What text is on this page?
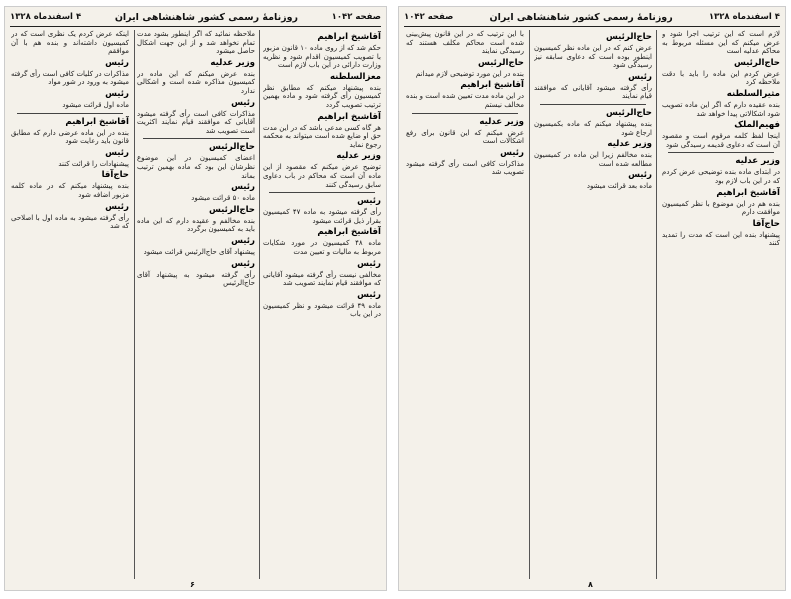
صفحه ۱۰۴۲
روزنامهٔ رسمی کشور شاهنشاهی ایران
۴ اسفندماه ۱۳۲۸
آقاشیخ ابراهیم
حکم شد که از روی ماده ۱۰ قانون مزبور با تصویب کمیسیون اقدام شود و نظریه وزارت دارائی در این باب لازم است
معزالسلطنه
بنده پیشنهاد میکنم که مطابق نظر کمیسیون رأی گرفته شود و ماده بهمین ترتیب تصویب گردد
آقاشیخ ابراهیم
هر گاه کسی مدعی باشد که در این مدت حق او ضایع شده است میتواند به محکمه رجوع نماید
وزیر عدلیه
توضیح عرض میکنم که مقصود از این ماده آن است که محاکم در باب دعاوی سابق رسیدگی کنند
رئیس
رأی گرفته میشود به ماده ۴۷ کمیسیون بقرار ذیل قرائت میشود
آقاشیخ ابراهیم
ماده ۴۸ کمیسیون در مورد شکایات مربوط به مالیات و تعیین مدت
رئیس
مخالفی نیست رأی گرفته میشود آقایانی که موافقند قیام نمایند تصویب شد
رئیس
ماده ۴۹ قرائت میشود و نظر کمیسیون در این باب
ملاحظه نمائید که اگر اینطور بشود مدت تمام نخواهد شد و از این جهت اشکال حاصل میشود
وزیر عدلیه
بنده عرض میکنم که این ماده در کمیسیون مذاکره شده است و اشکالی ندارد
رئیس
مذاکرات کافی است رأی گرفته میشود آقایانی که موافقند قیام نمایند اکثریت است تصویب شد
حاج‌الرئیس
اعضای کمیسیون در این موضوع نظرشان این بود که ماده بهمین ترتیب بماند
رئیس
ماده ۵۰ قرائت میشود
حاج‌الرئیس
بنده مخالفم و عقیده دارم که این ماده باید به کمیسیون برگردد
رئیس
پیشنهاد آقای حاج‌الرئیس قرائت میشود
رئیس
رأی گرفته میشود به پیشنهاد آقای حاج‌الرئیس
اینکه عرض کردم یک نظری است که در کمیسیون داشته‌اند و بنده هم با آن موافقم
رئیس
مذاکرات در کلیات کافی است رأی گرفته میشود به ورود در شور مواد
رئیس
ماده اول قرائت میشود
آقاشیخ ابراهیم
بنده در این ماده عرضی دارم که مطابق قانون باید رعایت شود
رئیس
پیشنهادات را قرائت کنند
حاج‌آقا
بنده پیشنهاد میکنم که در ماده کلمه مزبور اضافه شود
رئیس
رأی گرفته میشود به ماده اول با اصلاحی که شد
۶
۴ اسفندماه ۱۳۲۸
روزنامهٔ رسمی کشور شاهنشاهی ایران
صفحه ۱۰۴۲
لازم است که این ترتیب اجرا شود و عرض میکنم که این مسئله مربوط به محاکم عدلیه است
حاج‌الرئیس
عرض کردم این ماده را باید با دقت ملاحظه کرد
مثیرالسلطنه
بنده عقیده دارم که اگر این ماده تصویب شود اشکالاتی پیدا خواهد شد
فهیم‌الملک
اینجا لفظ کلمه مرقوم است و مقصود آن است که دعاوی قدیمه رسیدگی شود
وزیر عدلیه
در ابتدای ماده بنده توضیحی عرض کردم که در این باب لازم بود
آقاشیخ ابراهیم
بنده هم در این موضوع با نظر کمیسیون موافقت دارم
حاج‌آقا
پیشنهاد بنده این است که مدت را تمدید کنند
حاج‌الرئیس
عرض کنم که در این ماده نظر کمیسیون اینطور بوده است که دعاوی سابقه نیز رسیدگی شود
رئیس
رأی گرفته میشود آقایانی که موافقند قیام نمایند
حاج‌الرئیس
بنده پیشنهاد میکنم که ماده بکمیسیون ارجاع شود
وزیر عدلیه
بنده مخالفم زیرا این ماده در کمیسیون مطالعه شده است
رئیس
ماده بعد قرائت میشود
با این ترتیب که در این قانون پیش‌بینی شده است محاکم مکلف هستند که رسیدگی نمایند
حاج‌الرئیس
بنده در این مورد توضیحی لازم میدانم
آقاشیخ ابراهیم
در این ماده مدت تعیین شده است و بنده مخالف نیستم
وزیر عدلیه
عرض میکنم که این قانون برای رفع اشکالات است
رئیس
مذاکرات کافی است رأی گرفته میشود تصویب شد
۸
